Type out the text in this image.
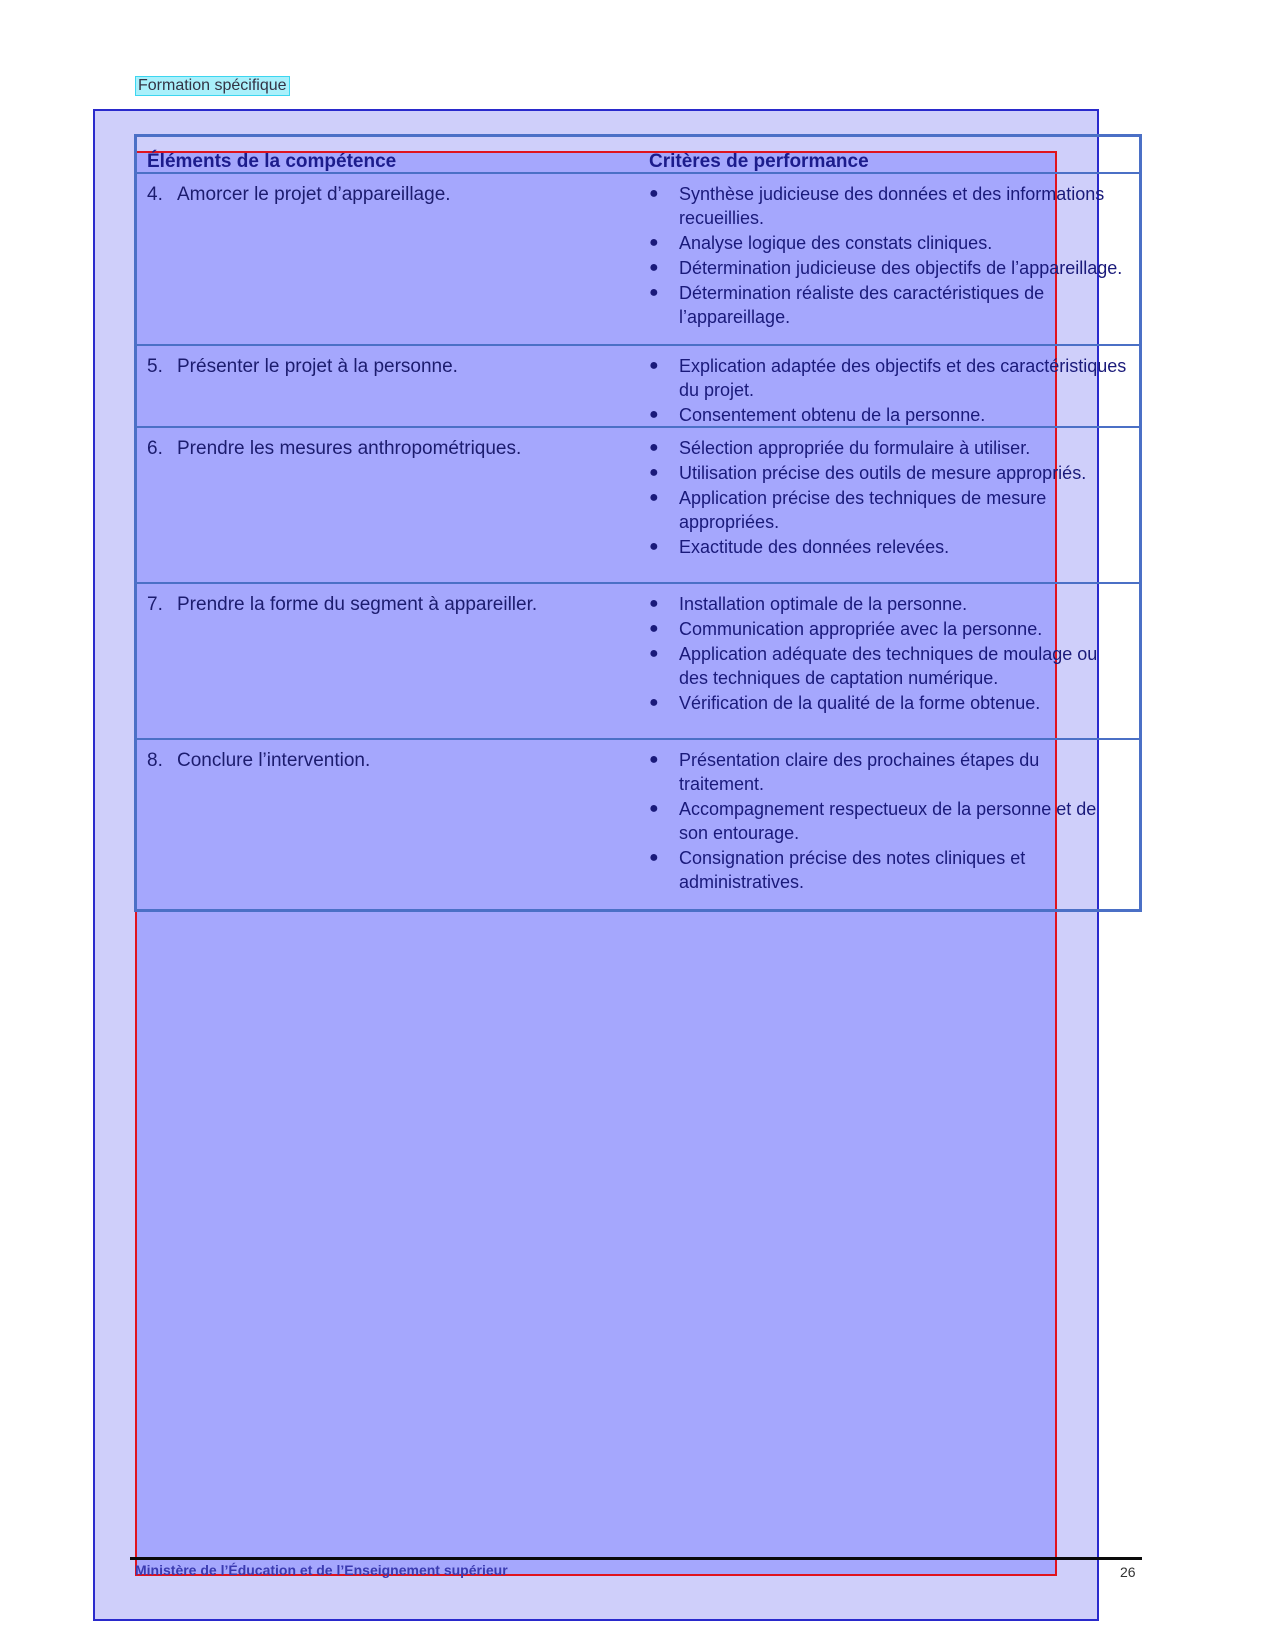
Formation spécifique
Éléments de la compétence	Critères de performance
4. Amorcer le projet d’appareillage.	● Synthèse judicieuse des données et des informations recueillies.
● Analyse logique des constats cliniques.
● Détermination judicieuse des objectifs de l’appareillage.
● Détermination réaliste des caractéristiques de l’appareillage.
5. Présenter le projet à la personne.	● Explication adaptée des objectifs et des caractéristiques du projet.
● Consentement obtenu de la personne.
6. Prendre les mesures anthropométriques.	● Sélection appropriée du formulaire à utiliser.
● Utilisation précise des outils de mesure appropriés.
● Application précise des techniques de mesure appropriées.
● Exactitude des données relevées.
7. Prendre la forme du segment à appareiller.	● Installation optimale de la personne.
● Communication appropriée avec la personne.
● Application adéquate des techniques de moulage ou des techniques de captation numérique.
● Vérification de la qualité de la forme obtenue.
8. Conclure l’intervention.	● Présentation claire des prochaines étapes du traitement.
● Accompagnement respectueux de la personne et de son entourage.
● Consignation précise des notes cliniques et administratives.
Ministère de l’Éducation et de l’Enseignement supérieur	26
